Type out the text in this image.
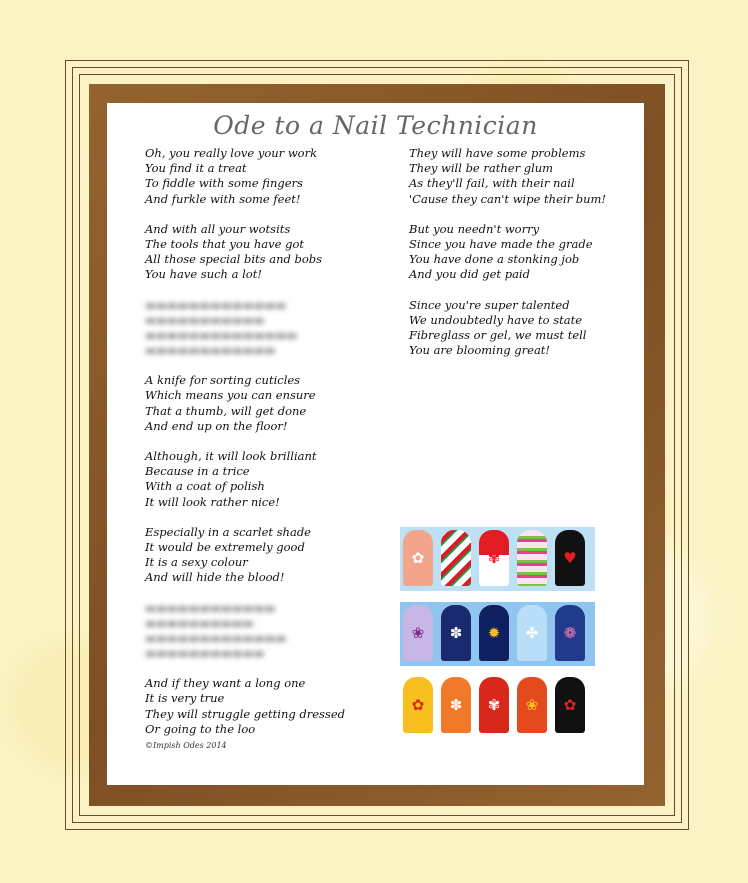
Ode to a Nail Technician
Oh, you really love your work
You find it a treat
To fiddle with some fingers
And furkle with some feet!
And with all your wotsits
The tools that you have got
All those special bits and bobs
You have such a lot!
▬▬▬▬▬▬▬▬▬▬▬▬▬
▬▬▬▬▬▬▬▬▬▬▬
▬▬▬▬▬▬▬▬▬▬▬▬▬▬
▬▬▬▬▬▬▬▬▬▬▬▬
A knife for sorting cuticles
Which means you can ensure
That a thumb, will get done
And end up on the floor!
Although, it will look brilliant
Because in a trice
With a coat of polish
It will look rather nice!
Especially in a scarlet shade
It would be extremely good
It is a sexy colour
And will hide the blood!
▬▬▬▬▬▬▬▬▬▬▬▬
▬▬▬▬▬▬▬▬▬▬
▬▬▬▬▬▬▬▬▬▬▬▬▬
▬▬▬▬▬▬▬▬▬▬▬
And if they want a long one
It is very true
They will struggle getting dressed
Or going to the loo
©Impish Odes 2014
They will have some problems
They will be rather glum
As they'll fail, with their nail
'Cause they can't wipe their bum!
But you needn't worry
Since you have made the grade
You have done a stonking job
And you did get paid
Since you're super talented
We undoubtedly have to state
Fibreglass or gel, we must tell
You are blooming great!
✿	✾	♥
❀ ✽ ✹ ✤ ❁
✿ ✽ ✾ ❀ ✿
